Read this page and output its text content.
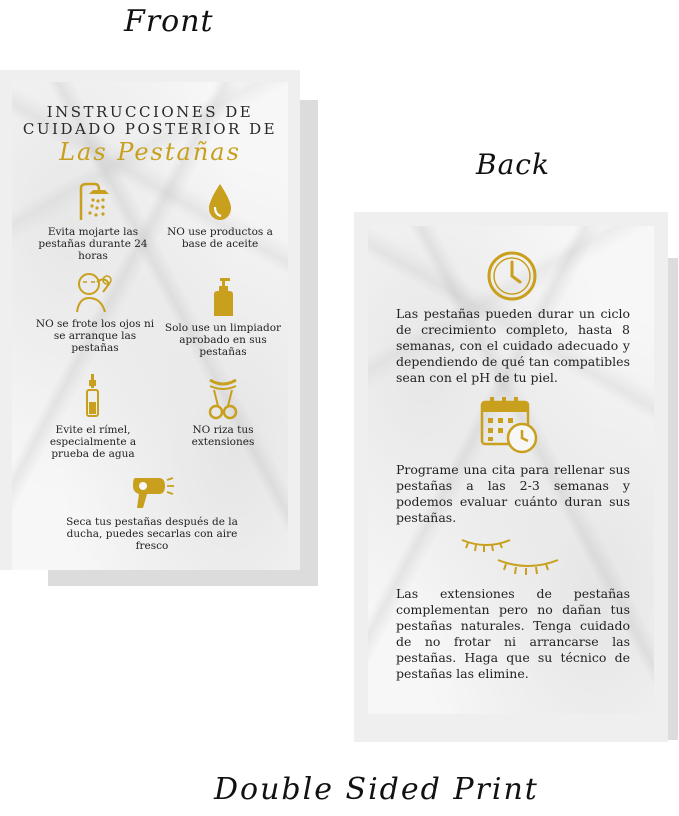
Front
Back
INSTRUCCIONES DE
CUIDADO POSTERIOR DE
Las Pestañas
Evita mojarte las pestañas durante 24 horas
NO use productos a base de aceite
NO se frote los ojos ni se arranque las pestañas
Solo use un limpiador aprobado en sus pestañas
Evite el rímel, especialmente a prueba de agua
NO riza tus extensiones
Seca tus pestañas después de la ducha, puedes secarlas con aire fresco
Las pestañas pueden durar un ciclo de crecimiento completo, hasta 8 semanas, con el cuidado adecuado y dependiendo de qué tan compatibles sean con el pH de tu piel.
Programe una cita para rellenar sus pestañas a las 2-3 semanas y podemos evaluar cuánto duran sus pestañas.
Las extensiones de pestañas complementan pero no dañan tus pestañas naturales. Tenga cuidado de no frotar ni arrancarse las pestañas. Haga que su técnico de pestañas las elimine.
Double Sided Print
